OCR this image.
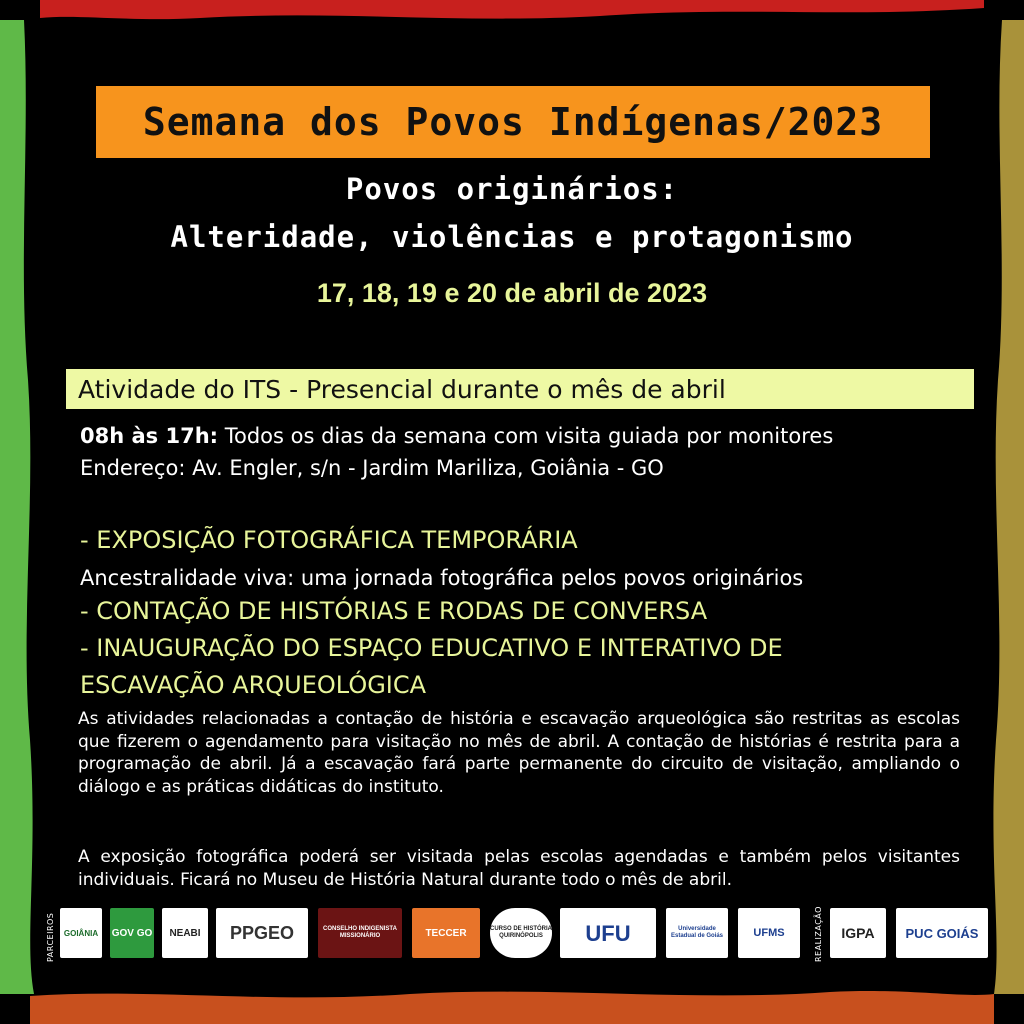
Semana dos Povos Indígenas/2023
Povos originários:
Alteridade, violências e protagonismo
17, 18, 19 e 20 de abril de 2023
Atividade do ITS - Presencial durante o mês de abril
08h às 17h: Todos os dias da semana com visita guiada por monitores
Endereço: Av. Engler, s/n - Jardim Mariliza, Goiânia - GO
- EXPOSIÇÃO FOTOGRÁFICA TEMPORÁRIA
Ancestralidade viva: uma jornada fotográfica pelos povos originários
- CONTAÇÃO DE HISTÓRIAS E RODAS DE CONVERSA
- INAUGURAÇÃO DO ESPAÇO EDUCATIVO E INTERATIVO DE
ESCAVAÇÃO ARQUEOLÓGICA
As atividades relacionadas a contação de história e escavação arqueológica são restritas as escolas que fizerem o agendamento para visitação no mês de abril. A contação de histórias é restrita para a programação de abril. Já a escavação fará parte permanente do circuito de visitação, ampliando o diálogo e as práticas didáticas do instituto.
A exposição fotográfica poderá ser visitada pelas escolas agendadas e também pelos visitantes individuais. Ficará no Museu de História Natural durante todo o mês de abril.
PARCEIROS GOIÂNIA GOV GO NEABI PPGEO	CONSELHO INDIGENISTA MISSIONÁRIO	TECCER	CURSO DE HISTÓRIA QUIRINÓPOLIS	UFU	Universidade Estadual de Goiás	UFMS	REALIZAÇÃO IGPA PUC GOIÁS
